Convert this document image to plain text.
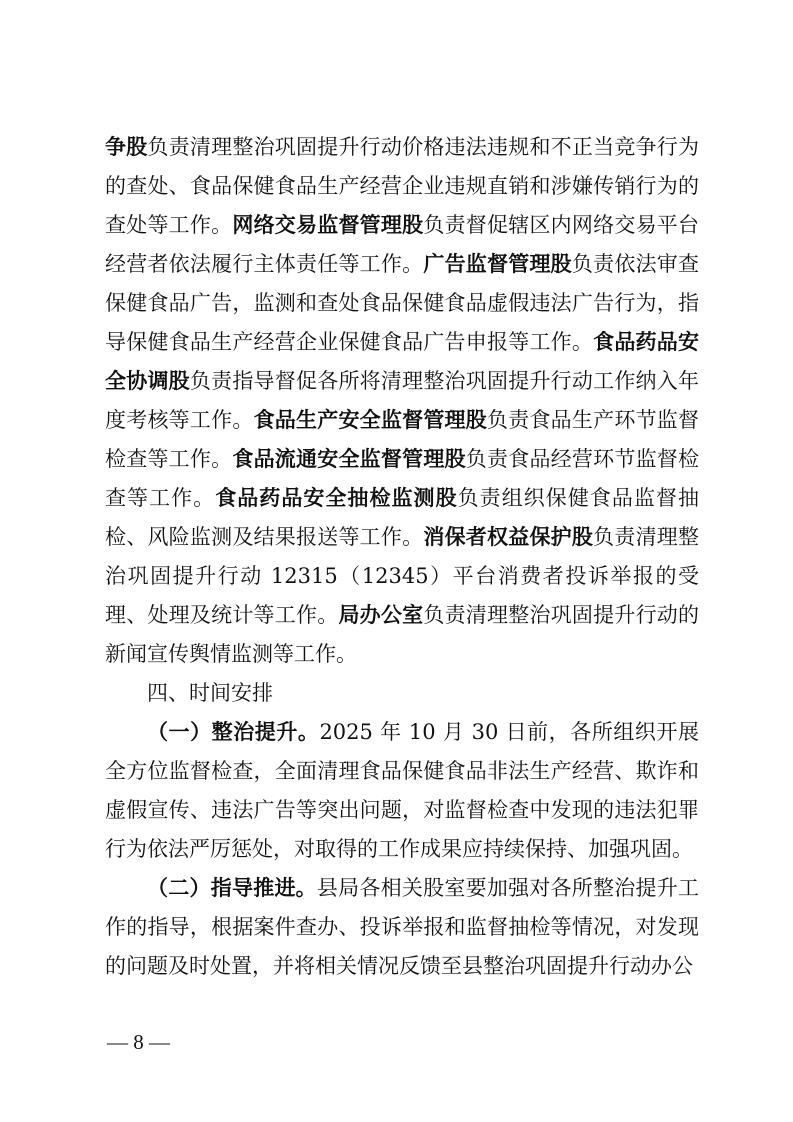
争股负责清理整治巩固提升行动价格违法违规和不正当竞争行为的查处、食品保健食品生产经营企业违规直销和涉嫌传销行为的查处等工作。网络交易监督管理股负责督促辖区内网络交易平台经营者依法履行主体责任等工作。广告监督管理股负责依法审查保健食品广告，监测和查处食品保健食品虚假违法广告行为，指导保健食品生产经营企业保健食品广告申报等工作。食品药品安全协调股负责指导督促各所将清理整治巩固提升行动工作纳入年度考核等工作。食品生产安全监督管理股负责食品生产环节监督检查等工作。食品流通安全监督管理股负责食品经营环节监督检查等工作。食品药品安全抽检监测股负责组织保健食品监督抽检、风险监测及结果报送等工作。消保者权益保护股负责清理整治巩固提升行动 12315（12345）平台消费者投诉举报的受理、处理及统计等工作。局办公室负责清理整治巩固提升行动的新闻宣传舆情监测等工作。

四、时间安排

（一）整治提升。2025 年 10 月 30 日前，各所组织开展全方位监督检查，全面清理食品保健食品非法生产经营、欺诈和虚假宣传、违法广告等突出问题，对监督检查中发现的违法犯罪行为依法严厉惩处，对取得的工作成果应持续保持、加强巩固。

（二）指导推进。县局各相关股室要加强对各所整治提升工作的指导，根据案件查办、投诉举报和监督抽检等情况，对发现的问题及时处置，并将相关情况反馈至县整治巩固提升行动办公

— 8 —
